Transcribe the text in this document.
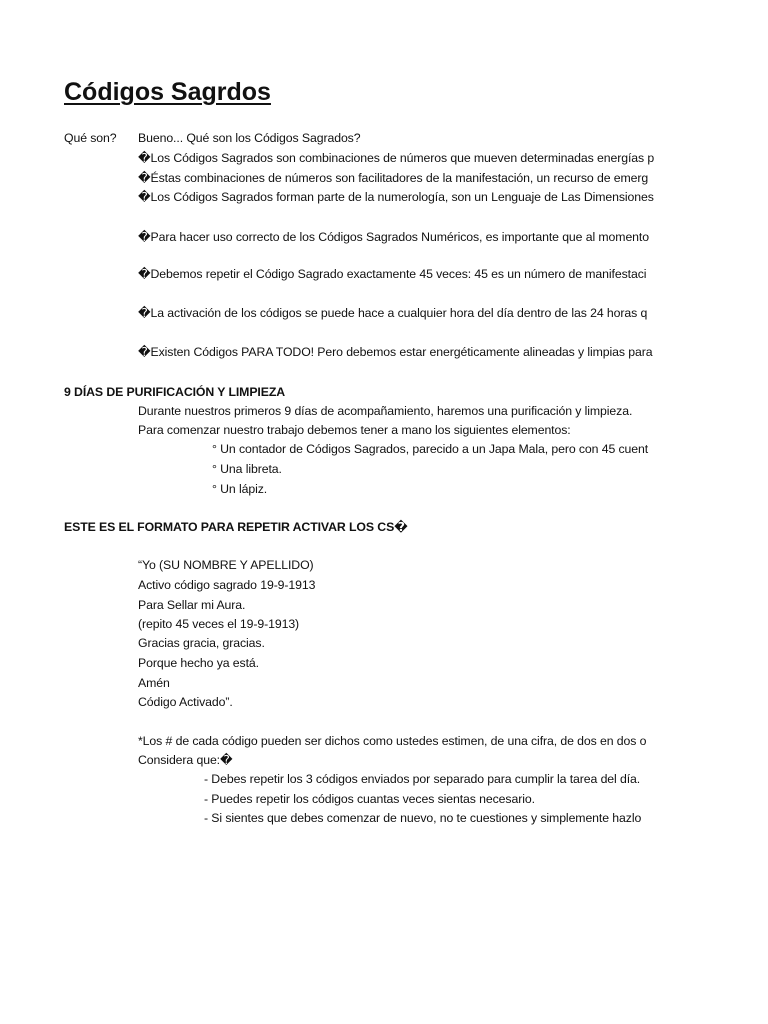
Códigos Sagrdos
Qué son? Bueno... Qué son los Códigos Sagrados?
�Los Códigos Sagrados son combinaciones de números que mueven determinadas energías p
�Éstas combinaciones de números son facilitadores de la manifestación, un recurso de emerg
�Los Códigos Sagrados forman parte de la numerología, son un Lenguaje de Las Dimensiones
�Para hacer uso correcto de los Códigos Sagrados Numéricos, es importante que al momento
�Debemos repetir el Código Sagrado exactamente 45 veces: 45 es un número de manifestaci
�La activación de los códigos se puede hace a cualquier hora del día dentro de las 24 horas q
�Existen Códigos PARA TODO! Pero debemos estar energéticamente alineadas y limpias para
9 DÍAS DE PURIFICACIÓN Y LIMPIEZA
Durante nuestros primeros 9 días de acompañamiento, haremos una purificación y limpieza.
Para comenzar nuestro trabajo debemos tener a mano los siguientes elementos:
° Un contador de Códigos Sagrados, parecido a un Japa Mala, pero con 45 cuent
° Una libreta.
° Un lápiz.
ESTE ES EL FORMATO PARA REPETIR ACTIVAR LOS CS�
“Yo (SU NOMBRE Y APELLIDO)
Activo código sagrado 19-9-1913
Para Sellar mi Aura.
(repito 45 veces el 19-9-1913)
Gracias gracia, gracias.
Porque hecho ya está.
Amén
Código Activado”.
*Los # de cada código pueden ser dichos como ustedes estimen, de una cifra, de dos en dos o
Considera que:�
- Debes repetir los 3 códigos enviados por separado para cumplir la tarea del día.
- Puedes repetir los códigos cuantas veces sientas necesario.
- Si sientes que debes comenzar de nuevo, no te cuestiones y simplemente hazlo
